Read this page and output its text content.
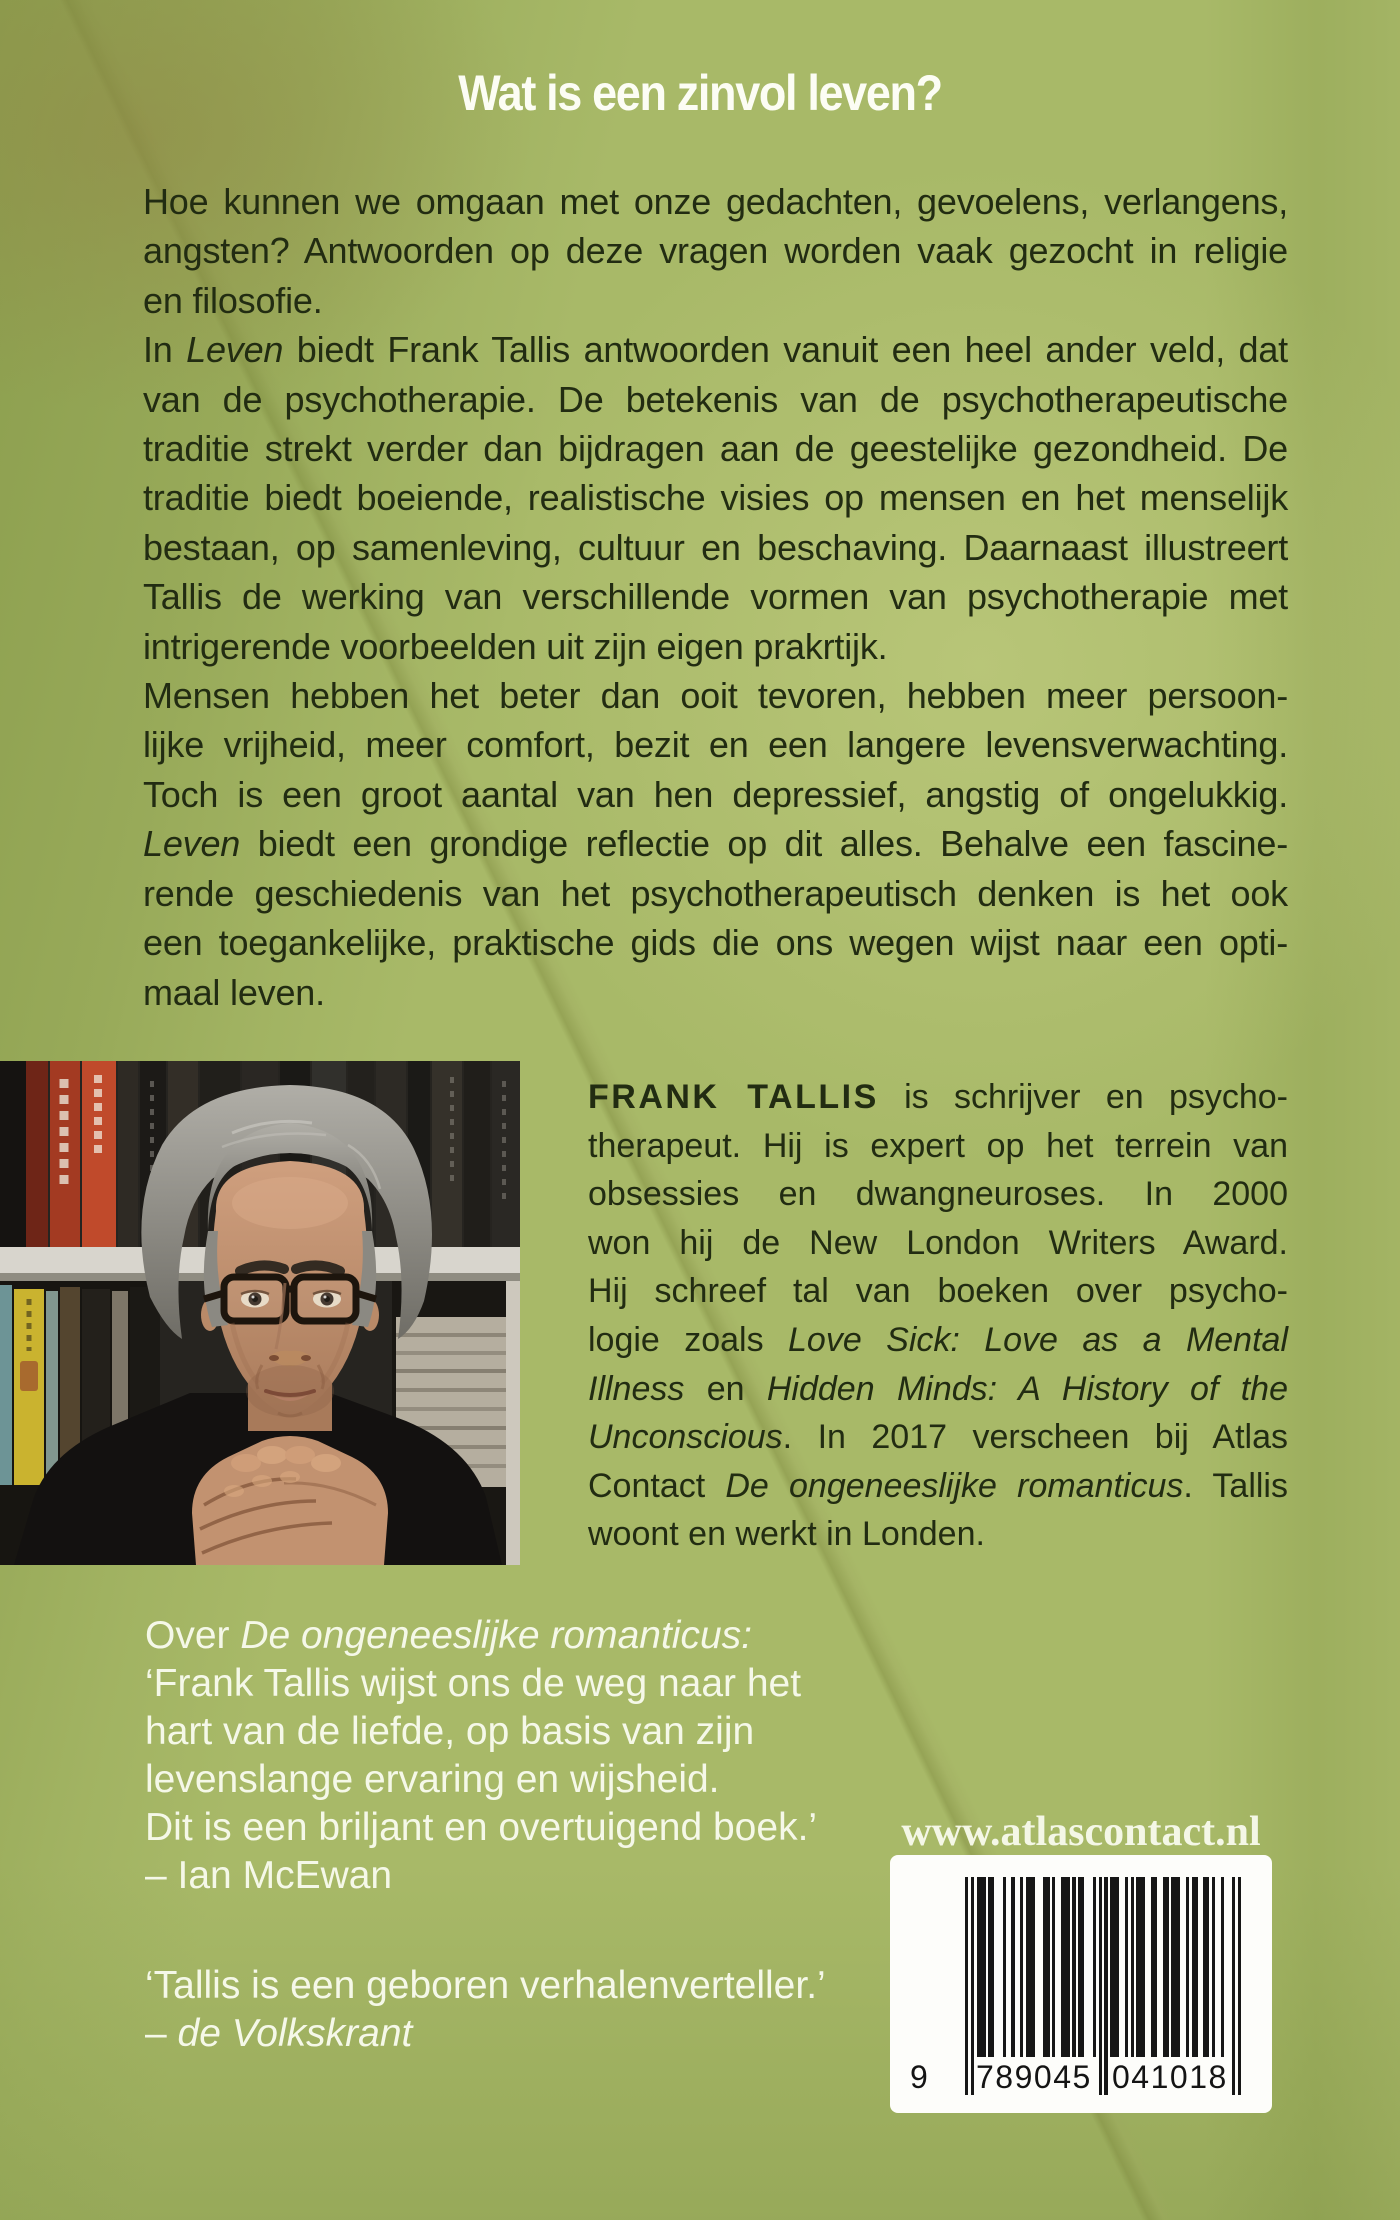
Wat is een zinvol leven?
Hoe kunnen we omgaan met onze gedachten, gevoelens, verlangens,
angsten? Antwoorden op deze vragen worden vaak gezocht in religie
en filosofie.
In Leven biedt Frank Tallis antwoorden vanuit een heel ander veld, dat
van de psychotherapie. De betekenis van de psychotherapeutische
traditie strekt verder dan bijdragen aan de geestelijke gezondheid. De
traditie biedt boeiende, realistische visies op mensen en het menselijk
bestaan, op samenleving, cultuur en beschaving. Daarnaast illustreert
Tallis de werking van verschillende vormen van psychotherapie met
intrigerende voorbeelden uit zijn eigen prakrtijk.
Mensen hebben het beter dan ooit tevoren, hebben meer persoon-
lijke vrijheid, meer comfort, bezit en een langere levensverwachting.
Toch is een groot aantal van hen depressief, angstig of ongelukkig.
Leven biedt een grondige reflectie op dit alles. Behalve een fascine-
rende geschiedenis van het psychotherapeutisch denken is het ook
een toegankelijke, praktische gids die ons wegen wijst naar een opti-
maal leven.
FRANK TALLIS is schrijver en psycho-
therapeut. Hij is expert op het terrein van
obsessies en dwangneuroses. In 2000
won hij de New London Writers Award.
Hij schreef tal van boeken over psycho-
logie zoals Love Sick: Love as a Mental
Illness en Hidden Minds: A History of the
Unconscious. In 2017 verscheen bij Atlas
Contact De ongeneeslijke romanticus. Tallis
woont en werkt in Londen.
Over De ongeneeslijke romanticus:
‘Frank Tallis wijst ons de weg naar het
hart van de liefde, op basis van zijn
levenslange ervaring en wijsheid.
Dit is een briljant en overtuigend boek.’
– Ian McEwan
‘Tallis is een geboren verhalenverteller.’
– de Volkskrant
www.atlascontact.nl
9 789045 041018
